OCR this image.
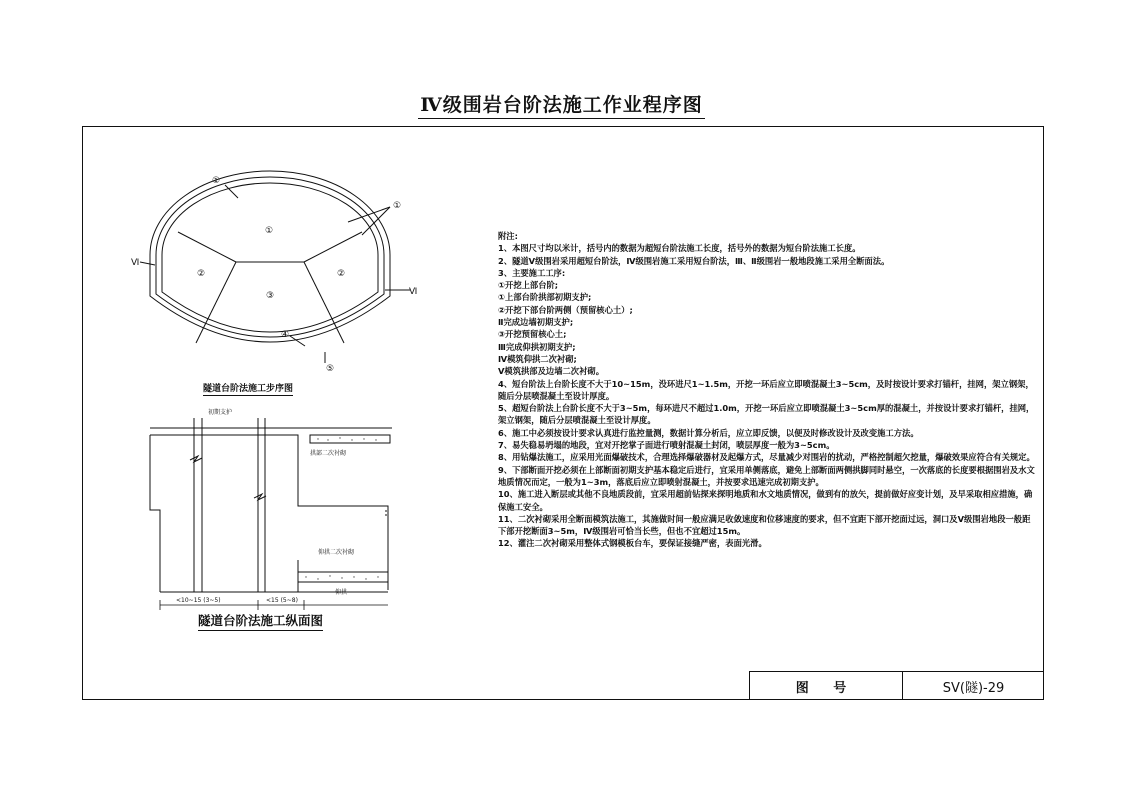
Ⅳ级围岩台阶法施工作业程序图
①
①
①
②	②
③
④
⑤
Ⅵ
Ⅵ
初期支护
拱部二次衬砌
仰拱二次衬砌
仰拱
<10~15 (3~5)	<15 (5~8)
隧道台阶法施工步序图
隧道台阶法施工纵面图
附注:
1、本图尺寸均以米计，括号内的数据为超短台阶法施工长度，括号外的数据为短台阶法施工长度。
2、隧道Ⅴ级围岩采用超短台阶法，Ⅳ级围岩施工采用短台阶法，Ⅲ、Ⅱ级围岩一般地段施工采用全断面法。
3、主要施工工序:
①开挖上部台阶;
①上部台阶拱部初期支护;
②开挖下部台阶两侧（预留核心土）;
Ⅱ完成边墙初期支护;
③开挖预留核心土;
Ⅲ完成仰拱初期支护;
Ⅳ模筑仰拱二次衬砌;
Ⅴ模筑拱部及边墙二次衬砌。
4、短台阶法上台阶长度不大于10~15m，没环进尺1~1.5m，开挖一环后应立即喷混凝土3~5cm，及时按设计要求打锚杆，挂网，架立钢架，随后分层喷混凝土至设计厚度。
5、超短台阶法上台阶长度不大于3~5m，每环进尺不超过1.0m，开挖一环后应立即喷混凝土3~5cm厚的混凝土，并按设计要求打锚杆，挂网，架立钢架，随后分层喷混凝土至设计厚度。
6、施工中必须按设计要求认真进行监控量测，数据计算分析后，应立即反馈，以便及时修改设计及改变施工方法。
7、易失稳易坍塌的地段，宜对开挖掌子面进行喷射混凝土封闭，喷层厚度一般为3~5cm。
8、用钻爆法施工，应采用光面爆破技术，合理选择爆破器材及起爆方式，尽量减少对围岩的扰动，严格控制超欠挖量，爆破效果应符合有关规定。
9、下部断面开挖必须在上部断面初期支护基本稳定后进行，宜采用单侧落底，避免上部断面两侧拱脚同时悬空，一次落底的长度要根据围岩及水文地质情况而定，一般为1~3m，落底后应立即喷射混凝土，并按要求迅速完成初期支护。
10、施工进入断层或其他不良地质段前，宜采用超前钻探来探明地质和水文地质情况，做到有的放矢，提前做好应变计划，及早采取相应措施，确保施工安全。
11、二次衬砌采用全断面模筑法施工，其施做时间一般应满足收敛速度和位移速度的要求，但不宜距下部开挖面过远，洞口及Ⅴ级围岩地段一般距下部开挖断面3~5m，Ⅳ级围岩可恰当长些，但也不宜超过15m。
12、灌注二次衬砌采用整体式钢模板台车，要保证接缝严密，表面光滑。
图 号	SⅤ(隧)-29
